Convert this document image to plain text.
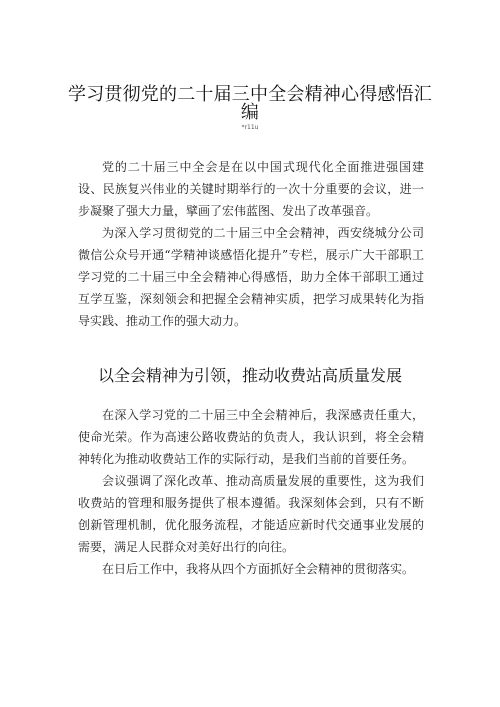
学习贯彻党的二十届三中全会精神心得感悟汇编
*r11u

党的二十届三中全会是在以中国式现代化全面推进强国建设、民族复兴伟业的关键时期举行的一次十分重要的会议，进一步凝聚了强大力量，擘画了宏伟蓝图、发出了改革强音。

为深入学习贯彻党的二十届三中全会精神，西安绕城分公司微信公众号开通“学精神谈感悟化提升”专栏，展示广大干部职工学习党的二十届三中全会精神心得感悟，助力全体干部职工通过互学互鉴，深刻领会和把握全会精神实质，把学习成果转化为指导实践、推动工作的强大动力。

以全会精神为引领，推动收费站高质量发展

在深入学习党的二十届三中全会精神后，我深感责任重大，使命光荣。作为高速公路收费站的负责人，我认识到，将全会精神转化为推动收费站工作的实际行动，是我们当前的首要任务。

会议强调了深化改革、推动高质量发展的重要性，这为我们收费站的管理和服务提供了根本遵循。我深刻体会到，只有不断创新管理机制，优化服务流程，才能适应新时代交通事业发展的需要，满足人民群众对美好出行的向往。

在日后工作中，我将从四个方面抓好全会精神的贯彻落实。
